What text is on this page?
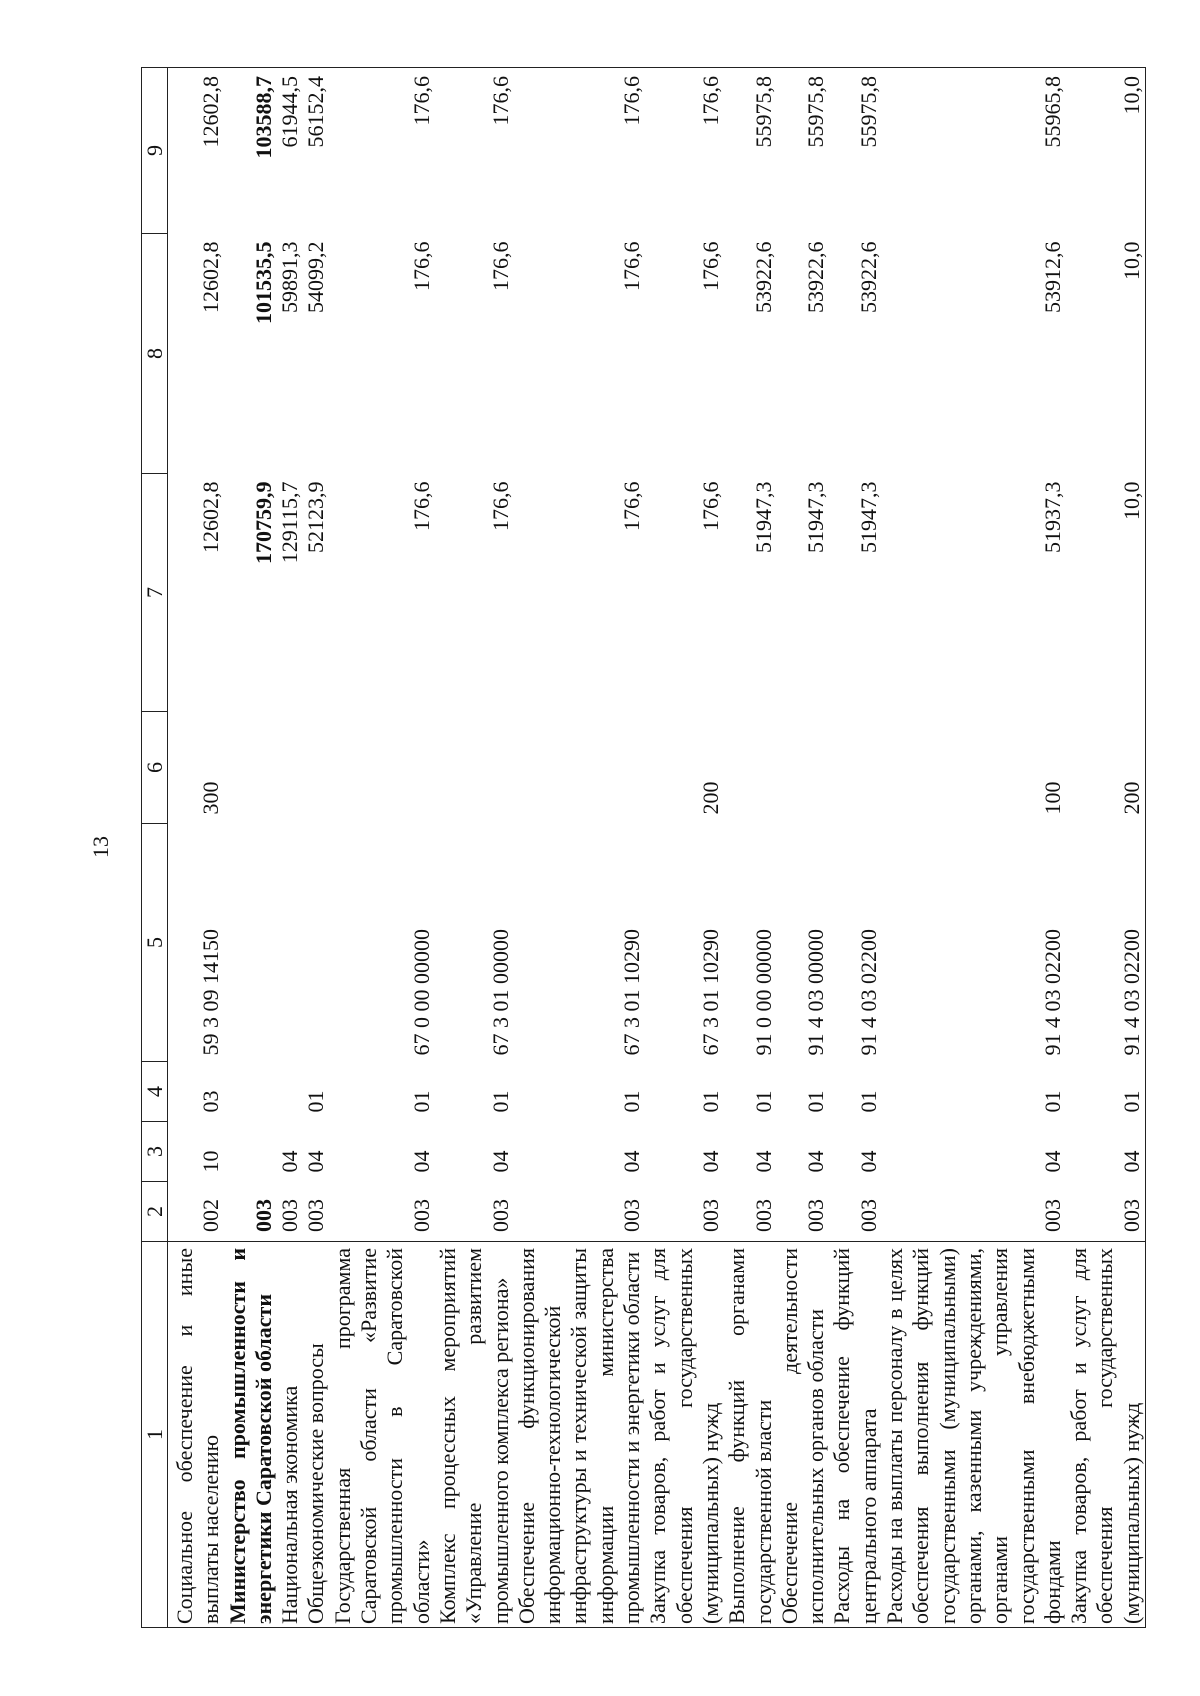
13
1	2	3	4	5	6	7	8	9

Социальное обеспечение и иные выплаты населению	002	10	03	59 3 09 14150	300	12602,8	12602,8	12602,8
Министерство промышленности и энергетики Саратовской области	003					170759,9	101535,5	103588,7
Национальная экономика	003	04				129115,7	59891,3	61944,5
Общеэкономические вопросы	003	04	01			52123,9	54099,2	56152,4
Государственная программа Саратовской области «Развитие промышленности в Саратовской области»	003	04	01	67 0 00 00000		176,6	176,6	176,6
Комплекс процессных мероприятий «Управление развитием промышленного комплекса региона»	003	04	01	67 3 01 00000		176,6	176,6	176,6
Обеспечение функционирования информационно-технологической инфраструктуры и технической защиты информации министерства промышленности и энергетики области	003	04	01	67 3 01 10290		176,6	176,6	176,6
Закупка товаров, работ и услуг для обеспечения государственных (муниципальных) нужд	003	04	01	67 3 01 10290	200	176,6	176,6	176,6
Выполнение функций органами государственной власти	003	04	01	91 0 00 00000		51947,3	53922,6	55975,8
Обеспечение деятельности исполнительных органов области	003	04	01	91 4 03 00000		51947,3	53922,6	55975,8
Расходы на обеспечение функций центрального аппарата	003	04	01	91 4 03 02200		51947,3	53922,6	55975,8
Расходы на выплаты персоналу в целях обеспечения выполнения функций государственными (муниципальными) органами, казенными учреждениями, органами управления государственными внебюджетными фондами	003	04	01	91 4 03 02200	100	51937,3	53912,6	55965,8
Закупка товаров, работ и услуг для обеспечения государственных (муниципальных) нужд	003	04	01	91 4 03 02200	200	10,0	10,0	10,0
